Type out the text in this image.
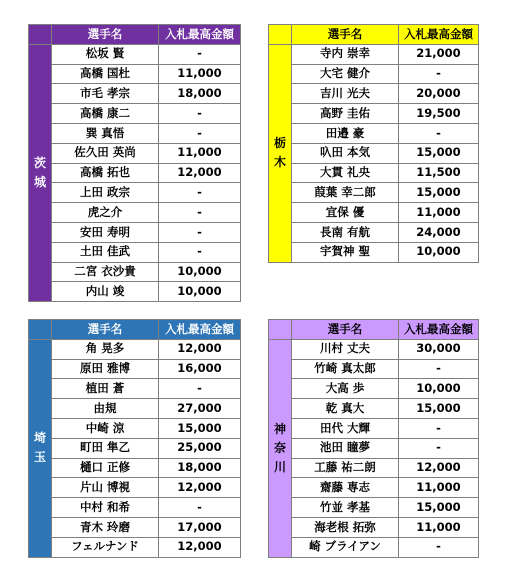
	選手名	入札最高金額

茨
城	松坂 賢	-
	高橋 国杜	11,000
	市毛 孝宗	18,000
	高橋 康二	-
	巽 真悟	-
	佐久田 英尚	11,000
	高橋 拓也	12,000
	上田 政宗	-
	虎之介	-
	安田 寿明	-
	土田 佳武	-
	二宮 衣沙貴	10,000
	内山 竣	10,000
	選手名	入札最高金額

栃
木	寺内 崇幸	21,000
	大宅 健介	-
	吉川 光夫	20,000
	高野 圭佑	19,500
	田邉 豪	-
	叺田 本気	15,000
	大貫 礼央	11,500
	葭葉 幸二郎	15,000
	宜保 優	11,000
	長南 有航	24,000
	宇賀神 聖	10,000
	選手名	入札最高金額

埼
玉	角 晃多	12,000
	原田 雅博	16,000
	植田 蒼	-
	由規	27,000
	中崎 涼	15,000
	町田 隼乙	25,000
	樋口 正修	18,000
	片山 博視	12,000
	中村 和希	-
	青木 玲磨	17,000
	フェルナンド	12,000
	選手名	入札最高金額

神
奈
川	川村 丈夫	30,000
	竹崎 真太郎	-
	大高 歩	10,000
	乾 真大	15,000
	田代 大輝	-
	池田 瞳夢	-
	工藤 祐二朗	12,000
	齋藤 専志	11,000
	竹並 孝基	15,000
	海老根 拓弥	11,000
	崎 ブライアン	-
